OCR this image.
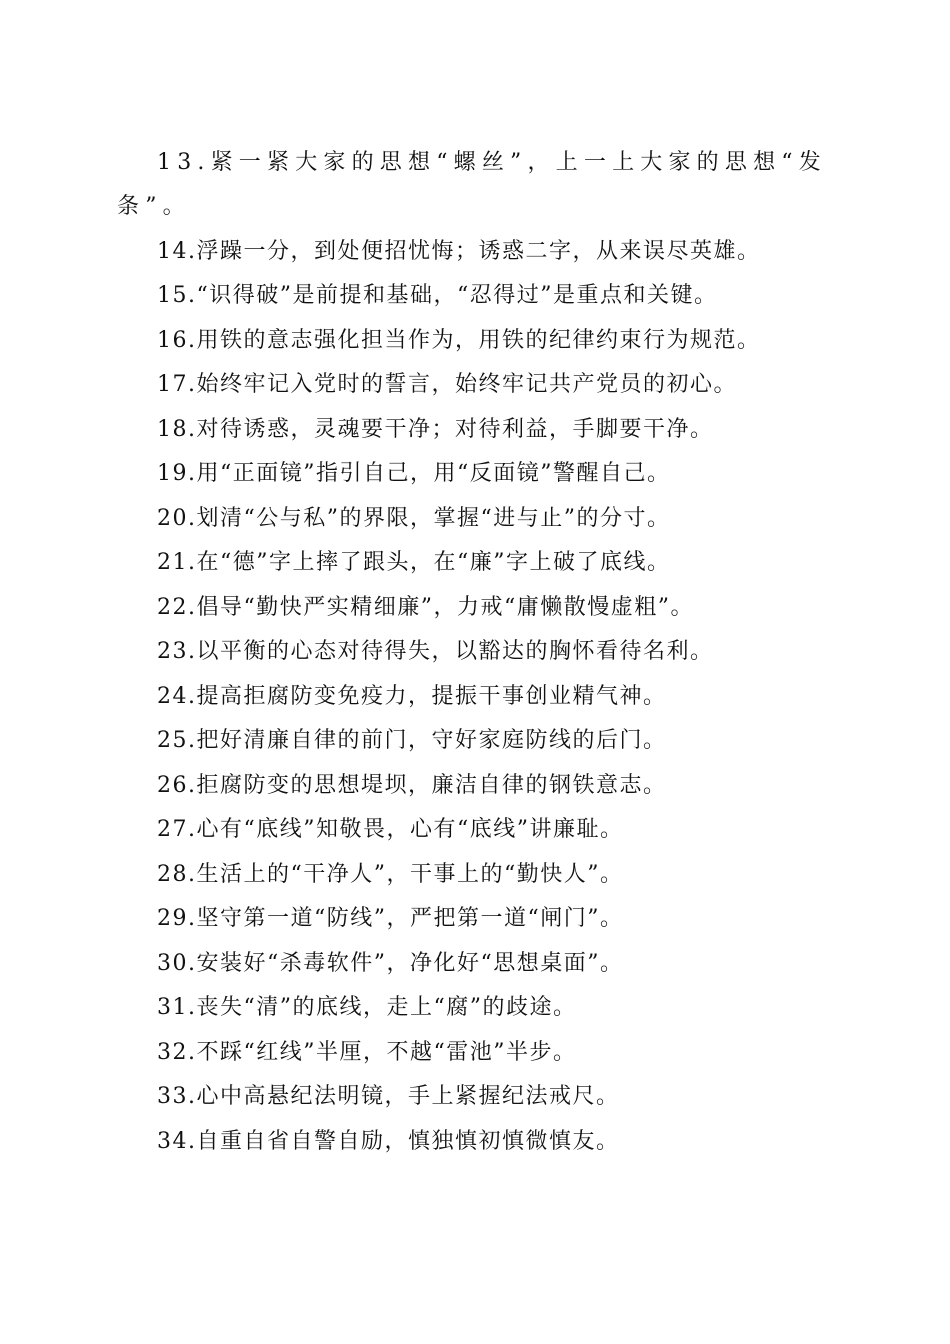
13.紧一紧大家的思想“螺丝”，上一上大家的思想“发条”。

14.浮躁一分，到处便招忧悔；诱惑二字，从来误尽英雄。

15.“识得破”是前提和基础，“忍得过”是重点和关键。

16.用铁的意志强化担当作为，用铁的纪律约束行为规范。

17.始终牢记入党时的誓言，始终牢记共产党员的初心。

18.对待诱惑，灵魂要干净；对待利益，手脚要干净。

19.用“正面镜”指引自己，用“反面镜”警醒自己。

20.划清“公与私”的界限，掌握“进与止”的分寸。

21.在“德”字上摔了跟头，在“廉”字上破了底线。

22.倡导“勤快严实精细廉”，力戒“庸懒散慢虚粗”。

23.以平衡的心态对待得失，以豁达的胸怀看待名利。

24.提高拒腐防变免疫力，提振干事创业精气神。

25.把好清廉自律的前门，守好家庭防线的后门。

26.拒腐防变的思想堤坝，廉洁自律的钢铁意志。

27.心有“底线”知敬畏，心有“底线”讲廉耻。

28.生活上的“干净人”，干事上的“勤快人”。

29.坚守第一道“防线”，严把第一道“闸门”。

30.安装好“杀毒软件”，净化好“思想桌面”。

31.丧失“清”的底线，走上“腐”的歧途。

32.不踩“红线”半厘，不越“雷池”半步。

33.心中高悬纪法明镜，手上紧握纪法戒尺。

34.自重自省自警自励，慎独慎初慎微慎友。
